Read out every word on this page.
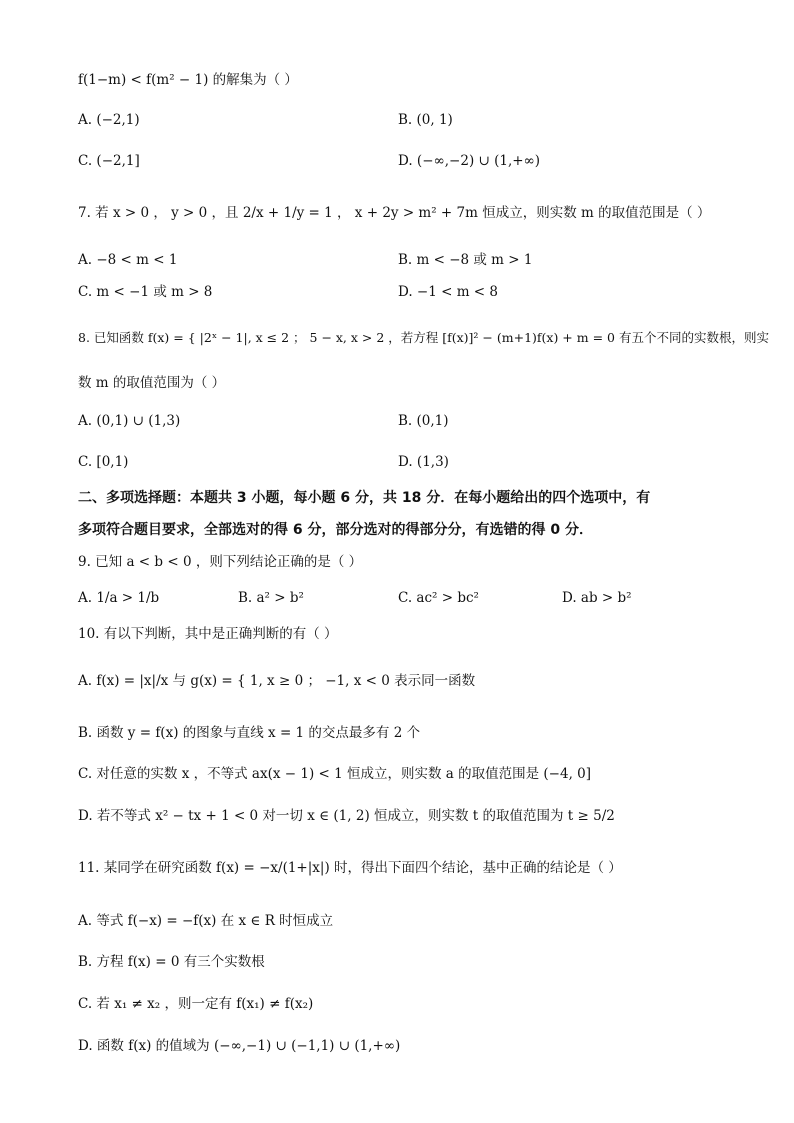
f(1−m) < f(m² − 1) 的解集为（ ）
A. (−2,1)	B. (0, 1)
C. (−2,1]	D. (−∞,−2) ∪ (1,+∞)
7. 若 x > 0 ， y > 0 ，且 2/x + 1/y = 1 ， x + 2y > m² + 7m 恒成立，则实数 m 的取值范围是（ ）
A. −8 < m < 1	B. m < −8 或 m > 1
C. m < −1 或 m > 8	D. −1 < m < 8
8. 已知函数 f(x) = { |2ˣ − 1|, x ≤ 2 ； 5 − x, x > 2 ，若方程 [f(x)]² − (m+1)f(x) + m = 0 有五个不同的实数根，则实
数 m 的取值范围为（ ）
A. (0,1) ∪ (1,3)	B. (0,1)
C. [0,1)	D. (1,3)
二、多项选择题：本题共 3 小题，每小题 6 分，共 18 分．在每小题给出的四个选项中，有
多项符合题目要求，全部选对的得 6 分，部分选对的得部分分，有选错的得 0 分．
9. 已知 a < b < 0 ，则下列结论正确的是（ ）
A. 1/a > 1/b	B. a² > b²	C. ac² > bc²	D. ab > b²
10. 有以下判断，其中是正确判断的有（ ）
A. f(x) = |x|/x 与 g(x) = { 1, x ≥ 0 ； −1, x < 0 表示同一函数
B. 函数 y = f(x) 的图象与直线 x = 1 的交点最多有 2 个
C. 对任意的实数 x ，不等式 ax(x − 1) < 1 恒成立，则实数 a 的取值范围是 (−4, 0]
D. 若不等式 x² − tx + 1 < 0 对一切 x ∈ (1, 2) 恒成立，则实数 t 的取值范围为 t ≥ 5/2
11. 某同学在研究函数 f(x) = −x/(1+|x|) 时，得出下面四个结论，基中正确的结论是（ ）
A. 等式 f(−x) = −f(x) 在 x ∈ R 时恒成立
B. 方程 f(x) = 0 有三个实数根
C. 若 x₁ ≠ x₂ ，则一定有 f(x₁) ≠ f(x₂)
D. 函数 f(x) 的值域为 (−∞,−1) ∪ (−1,1) ∪ (1,+∞)
